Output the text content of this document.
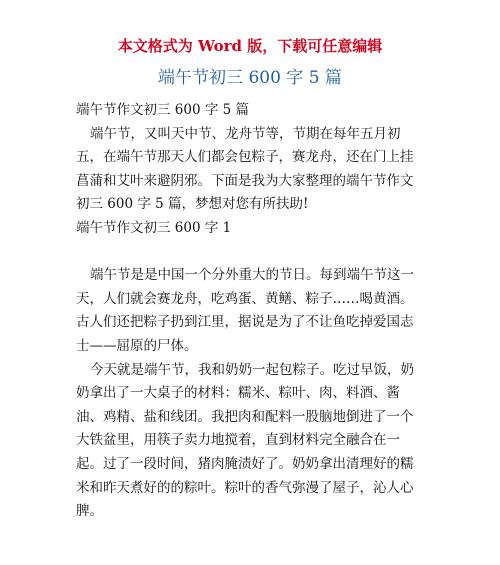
本文格式为 Word 版，下载可任意编辑
端午节初三 600 字 5 篇
端午节作文初三 600 字 5 篇
端午节，又叫天中节、龙舟节等，节期在每年五月初
五，在端午节那天人们都会包粽子，赛龙舟，还在门上挂
菖蒲和艾叶来避阴邪。下面是我为大家整理的端午节作文
初三 600 字 5 篇，梦想对您有所扶助!
端午节作文初三 600 字 1
端午节是是中国一个分外重大的节日。每到端午节这一
天，人们就会赛龙舟，吃鸡蛋、黄鳝、粽子……喝黄酒。
古人们还把粽子扔到江里，据说是为了不让鱼吃掉爱国志
士——屈原的尸体。
今天就是端午节，我和奶奶一起包粽子。吃过早饭，奶
奶拿出了一大桌子的材料：糯米、粽叶、肉、料酒、酱
油、鸡精、盐和线团。我把肉和配料一股脑地倒进了一个
大铁盆里，用筷子卖力地搅着，直到材料完全融合在一
起。过了一段时间，猪肉腌渍好了。奶奶拿出清理好的糯
米和昨天煮好的的粽叶。粽叶的香气弥漫了屋子，沁人心
脾。
